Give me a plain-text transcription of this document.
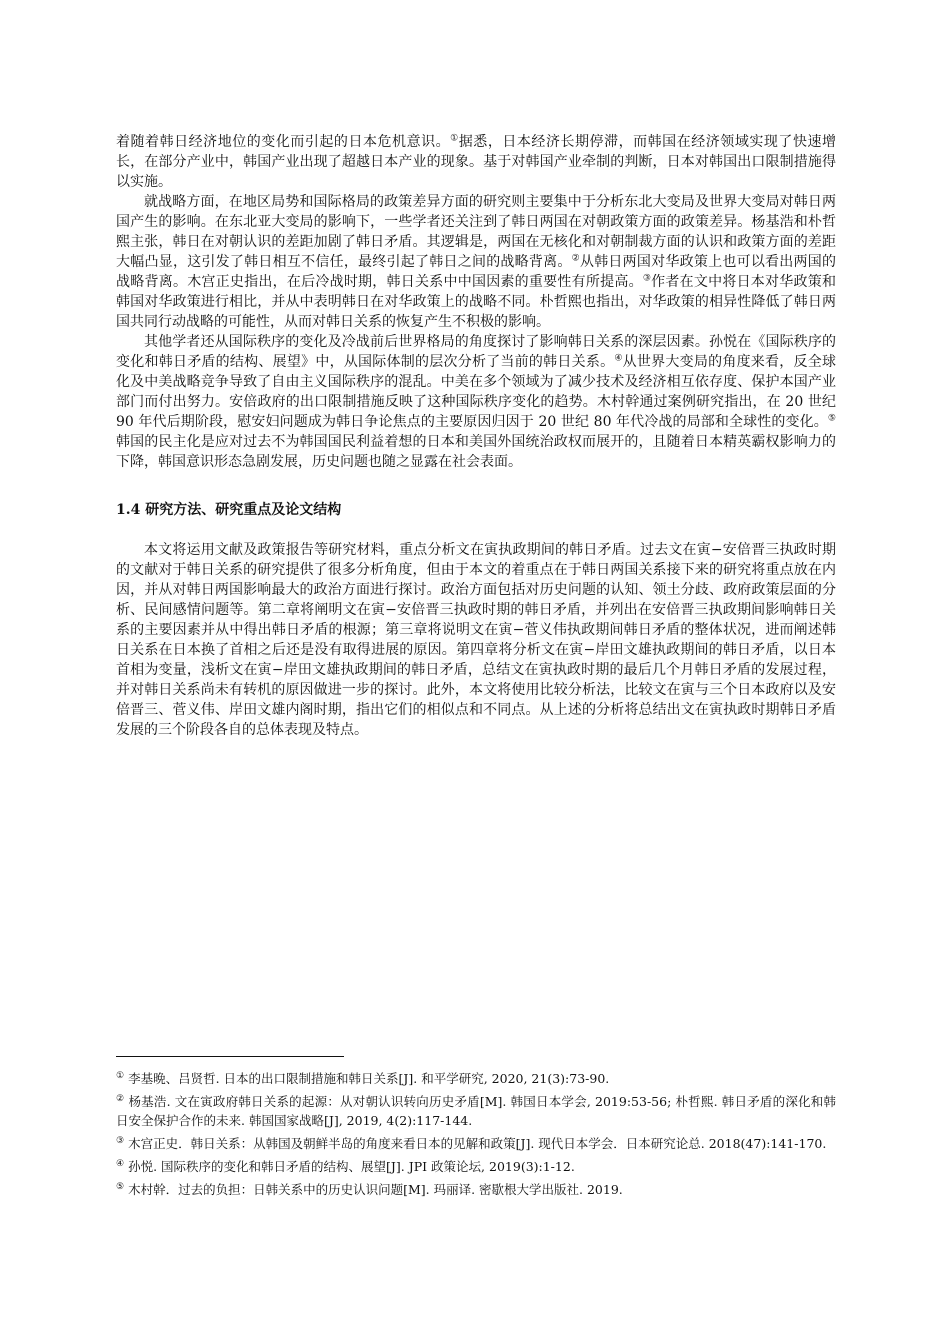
着随着韩日经济地位的变化而引起的日本危机意识。①据悉，日本经济长期停滞，而韩国在经济领域实现了快速增长，在部分产业中，韩国产业出现了超越日本产业的现象。基于对韩国产业牵制的判断，日本对韩国出口限制措施得以实施。

就战略方面，在地区局势和国际格局的政策差异方面的研究则主要集中于分析东北大变局及世界大变局对韩日两国产生的影响。在东北亚大变局的影响下，一些学者还关注到了韩日两国在对朝政策方面的政策差异。杨基浩和朴哲熙主张，韩日在对朝认识的差距加剧了韩日矛盾。其逻辑是，两国在无核化和对朝制裁方面的认识和政策方面的差距大幅凸显，这引发了韩日相互不信任，最终引起了韩日之间的战略背离。②从韩日两国对华政策上也可以看出两国的战略背离。木宫正史指出，在后冷战时期，韩日关系中中国因素的重要性有所提高。③作者在文中将日本对华政策和韩国对华政策进行相比，并从中表明韩日在对华政策上的战略不同。朴哲熙也指出，对华政策的相异性降低了韩日两国共同行动战略的可能性，从而对韩日关系的恢复产生不积极的影响。

其他学者还从国际秩序的变化及冷战前后世界格局的角度探讨了影响韩日关系的深层因素。孙悦在《国际秩序的变化和韩日矛盾的结构、展望》中，从国际体制的层次分析了当前的韩日关系。④从世界大变局的角度来看，反全球化及中美战略竞争导致了自由主义国际秩序的混乱。中美在多个领域为了减少技术及经济相互依存度、保护本国产业部门而付出努力。安倍政府的出口限制措施反映了这种国际秩序变化的趋势。木村幹通过案例研究指出，在 20 世纪 90 年代后期阶段，慰安妇问题成为韩日争论焦点的主要原因归因于 20 世纪 80 年代冷战的局部和全球性的变化。⑤韩国的民主化是应对过去不为韩国国民利益着想的日本和美国外国统治政权而展开的，且随着日本精英霸权影响力的下降，韩国意识形态急剧发展，历史问题也随之显露在社会表面。

1.4 研究方法、研究重点及论文结构

本文将运用文献及政策报告等研究材料，重点分析文在寅执政期间的韩日矛盾。过去文在寅−安倍晋三执政时期的文献对于韩日关系的研究提供了很多分析角度，但由于本文的着重点在于韩日两国关系接下来的研究将重点放在内因，并从对韩日两国影响最大的政治方面进行探讨。政治方面包括对历史问题的认知、领土分歧、政府政策层面的分析、民间感情问题等。第二章将阐明文在寅−安倍晋三执政时期的韩日矛盾，并列出在安倍晋三执政期间影响韩日关系的主要因素并从中得出韩日矛盾的根源；第三章将说明文在寅−菅义伟执政期间韩日矛盾的整体状况，进而阐述韩日关系在日本换了首相之后还是没有取得进展的原因。第四章将分析文在寅−岸田文雄执政期间的韩日矛盾，以日本首相为变量，浅析文在寅−岸田文雄执政期间的韩日矛盾，总结文在寅执政时期的最后几个月韩日矛盾的发展过程，并对韩日关系尚未有转机的原因做进一步的探讨。此外，本文将使用比较分析法，比较文在寅与三个日本政府以及安倍晋三、菅义伟、岸田文雄内阁时期，指出它们的相似点和不同点。从上述的分析将总结出文在寅执政时期韩日矛盾发展的三个阶段各自的总体表现及特点。

① 李基晩、吕贤哲. 日本的出口限制措施和韩日关系[J]. 和平学研究, 2020, 21(3):73-90.

② 杨基浩. 文在寅政府韩日关系的起源：从对朝认识转向历史矛盾[M]. 韩国日本学会, 2019:53-56; 朴哲熙. 韩日矛盾的深化和韩日安全保护合作的未来. 韩国国家战略[J], 2019, 4(2):117-144.

③ 木宫正史．韩日关系：从韩国及朝鲜半岛的角度来看日本的见解和政策[J]. 现代日本学会．日本研究论总. 2018(47):141-170.

④ 孙悦. 国际秩序的变化和韩日矛盾的结构、展望[J]. JPI 政策论坛, 2019(3):1-12.

⑤ 木村幹．过去的负担：日韩关系中的历史认识问题[M]. 玛丽译. 密歇根大学出版社. 2019.
